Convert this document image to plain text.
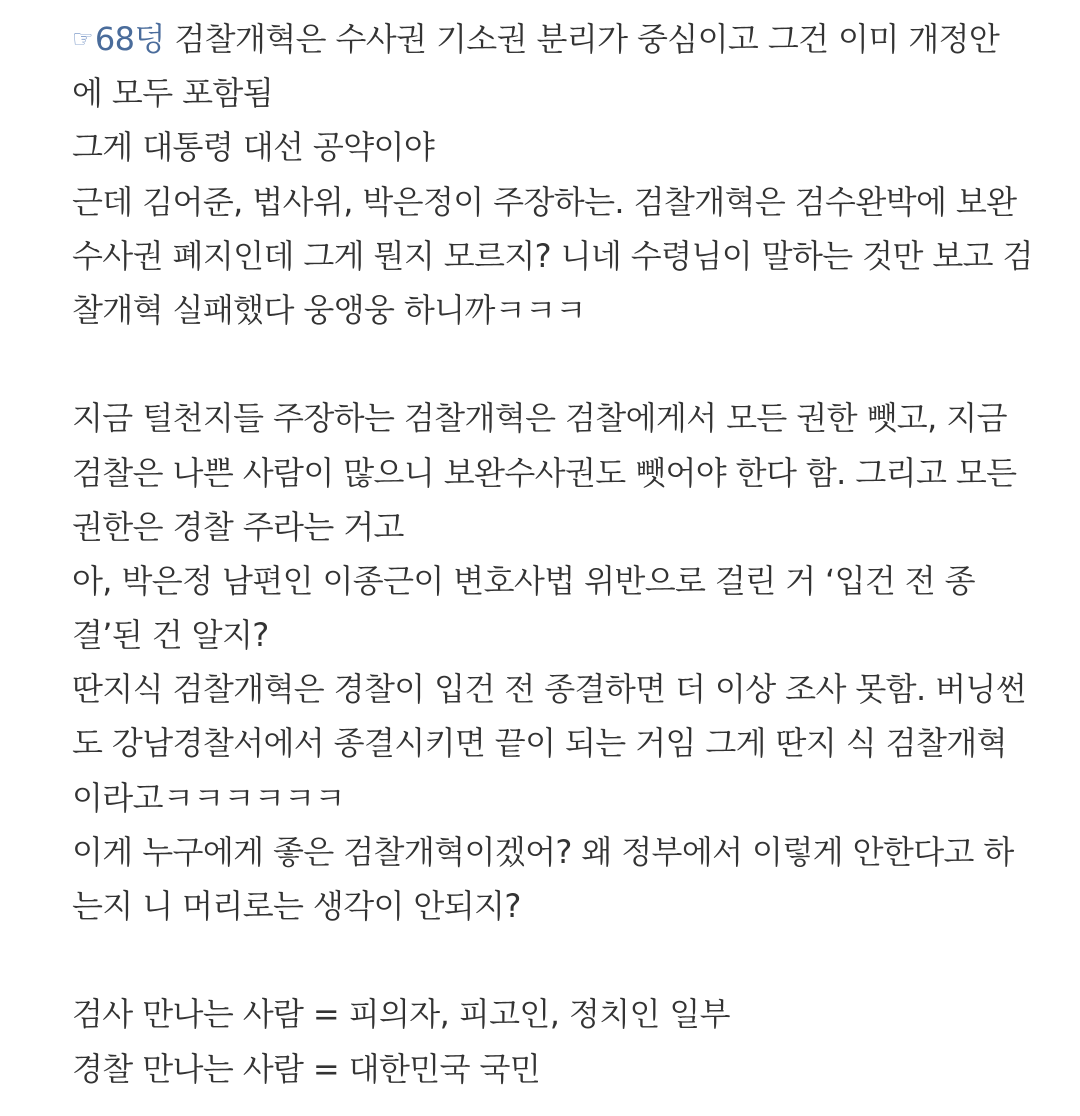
☞68덩 검찰개혁은 수사권 기소권 분리가 중심이고 그건 이미 개정안
에 모두 포함됨
그게 대통령 대선 공약이야
근데 김어준, 법사위, 박은정이 주장하는. 검찰개혁은 검수완박에 보완
수사권 폐지인데 그게 뭔지 모르지? 니네 수령님이 말하는 것만 보고 검
찰개혁 실패했다 웅앵웅 하니까ㅋㅋㅋ
지금 털천지들 주장하는 검찰개혁은 검찰에게서 모든 권한 뺏고, 지금
검찰은 나쁜 사람이 많으니 보완수사권도 뺏어야 한다 함. 그리고 모든
권한은 경찰 주라는 거고
아, 박은정 남편인 이종근이 변호사법 위반으로 걸린 거 ‘입건 전 종
결’된 건 알지?
딴지식 검찰개혁은 경찰이 입건 전 종결하면 더 이상 조사 못함. 버닝썬
도 강남경찰서에서 종결시키면 끝이 되는 거임 그게 딴지 식 검찰개혁
이라고ㅋㅋㅋㅋㅋㅋ
이게 누구에게 좋은 검찰개혁이겠어? 왜 정부에서 이렇게 안한다고 하
는지 니 머리로는 생각이 안되지?
검사 만나는 사람 = 피의자, 피고인, 정치인 일부
경찰 만나는 사람 = 대한민국 국민
